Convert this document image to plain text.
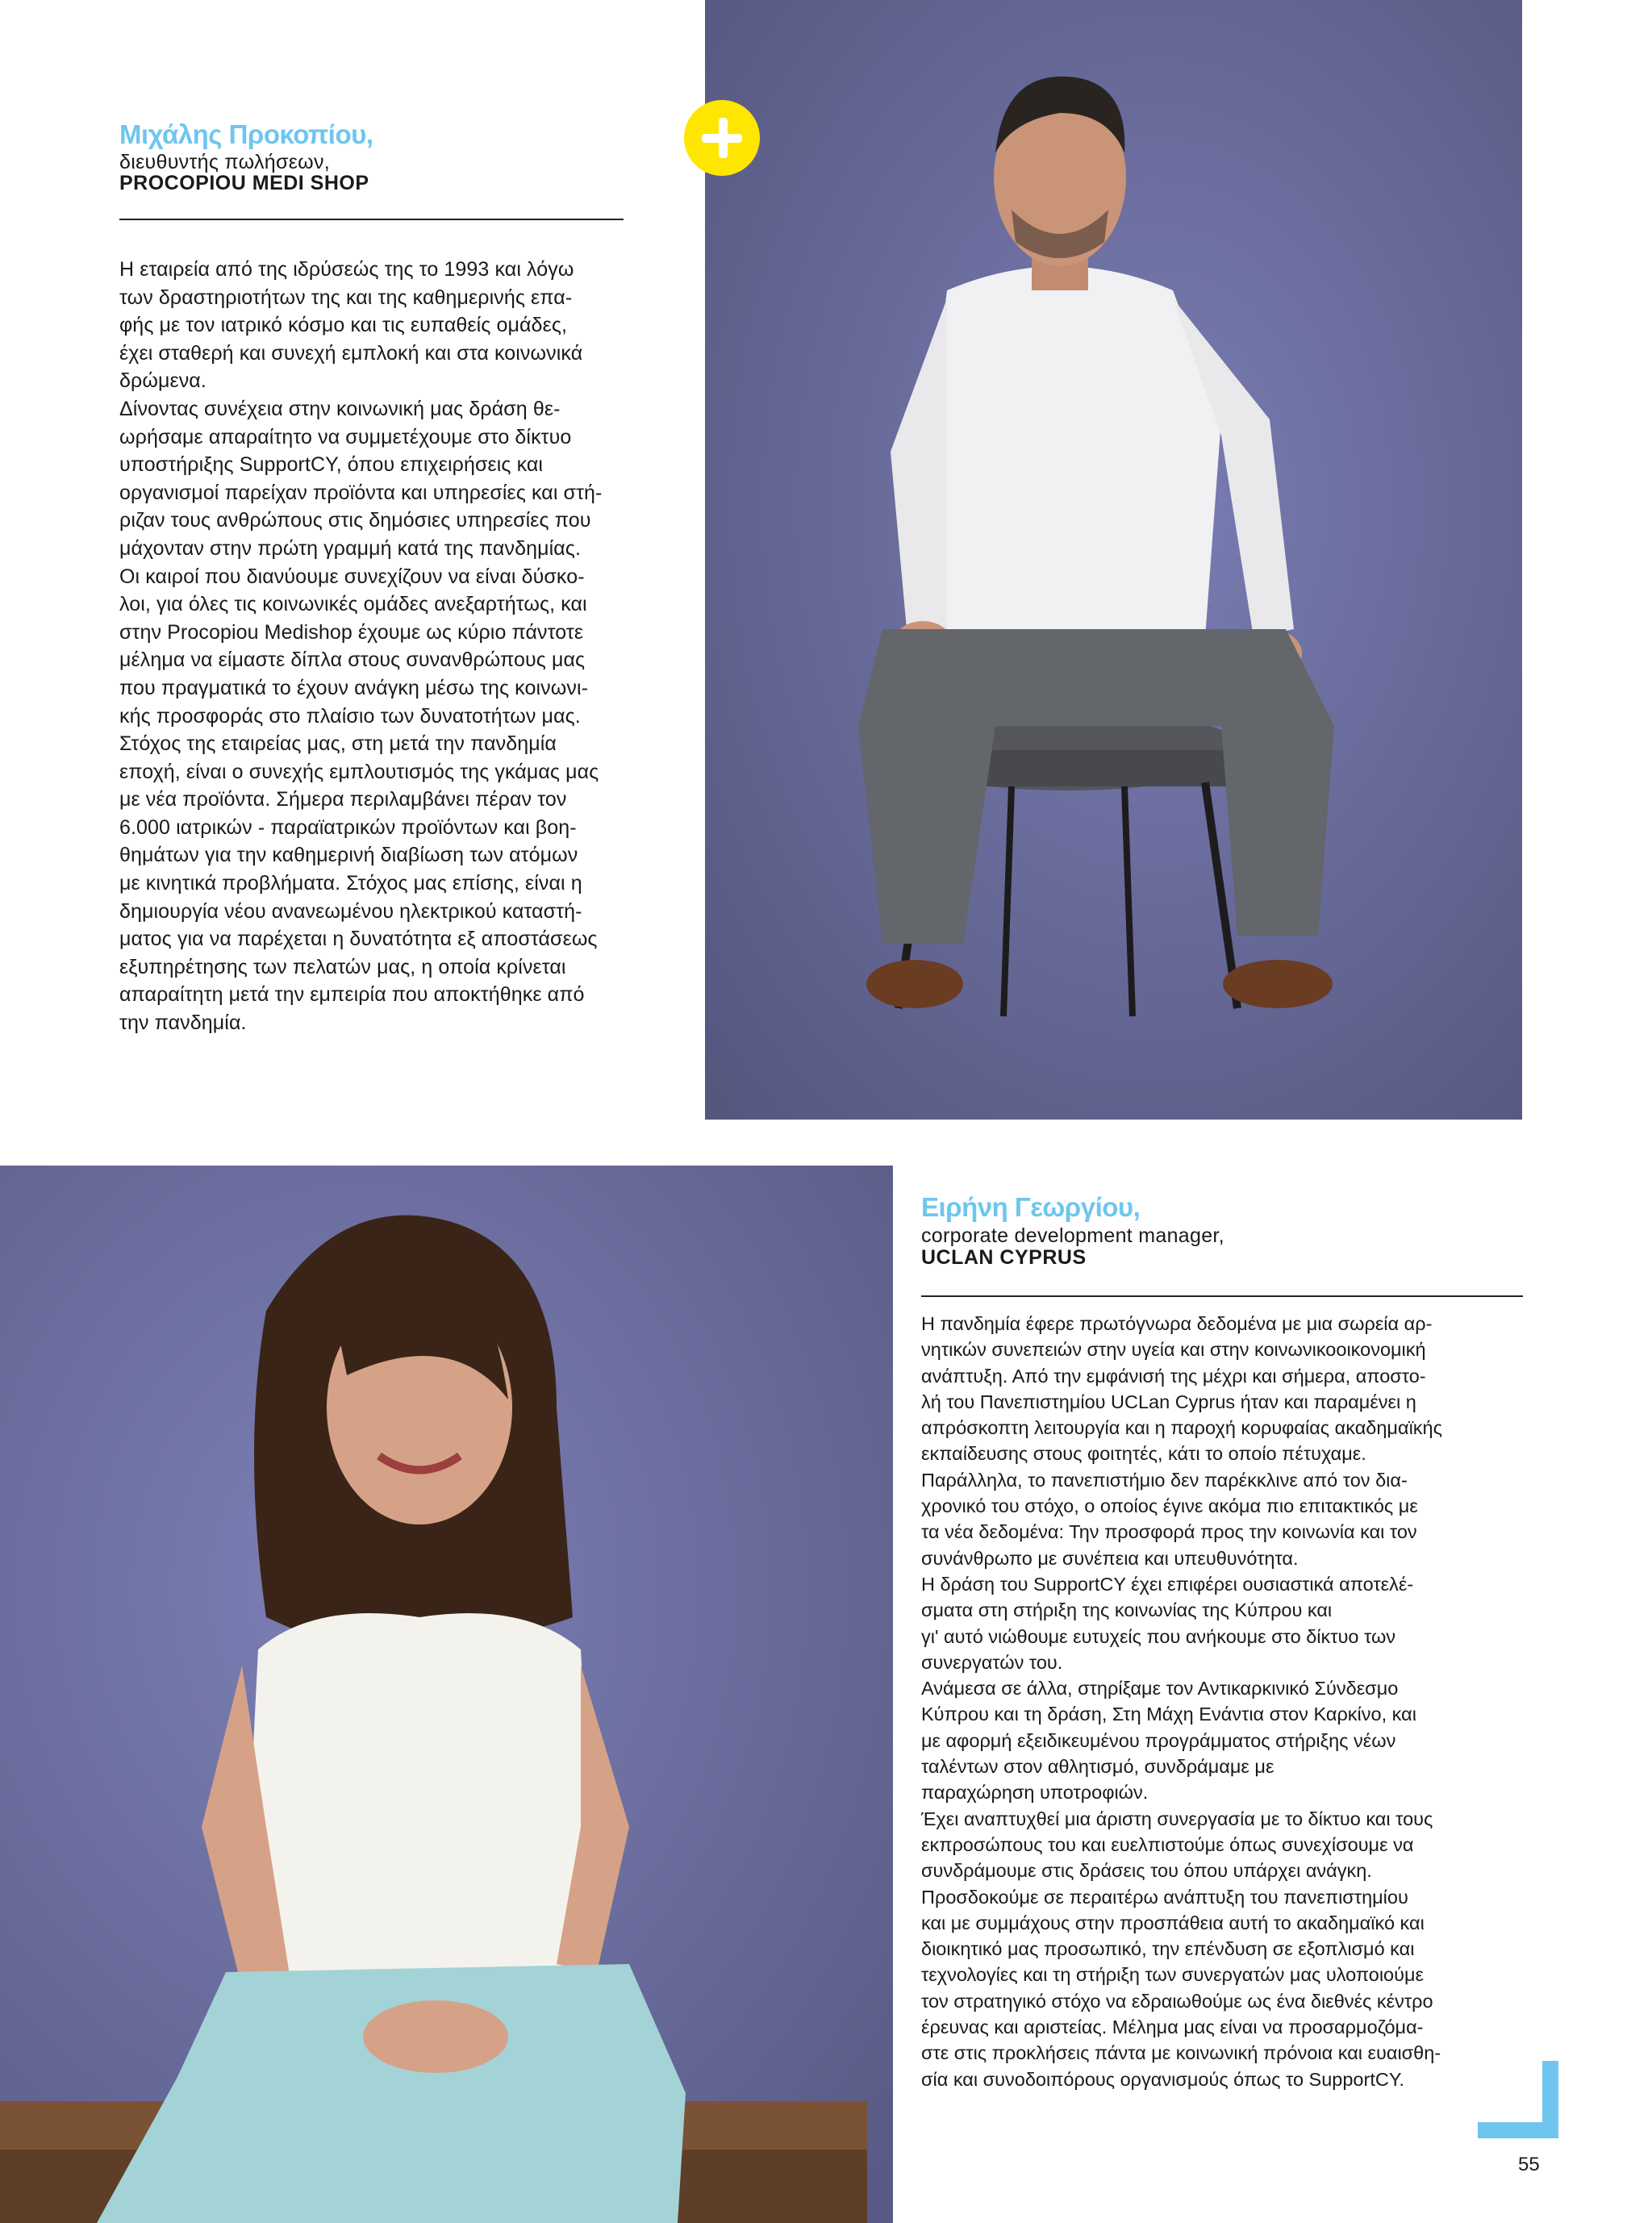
Μιχάλης Προκοπίου,

διευθυντής πωλήσεων,

PROCOPIOU MEDI SHOP

Η εταιρεία από της ιδρύσεώς της το 1993 και λόγω
των δραστηριοτήτων της και της καθημερινής επα-
φής με τον ιατρικό κόσμο και τις ευπαθείς ομάδες,
έχει σταθερή και συνεχή εμπλοκή και στα κοινωνικά
δρώμενα.
Δίνοντας συνέχεια στην κοινωνική μας δράση θε-
ωρήσαμε απαραίτητο να συμμετέχουμε στο δίκτυο
υποστήριξης SupportCY, όπου επιχειρήσεις και
οργανισμοί παρείχαν προϊόντα και υπηρεσίες και στή-
ριζαν τους ανθρώπους στις δημόσιες υπηρεσίες που
μάχονταν στην πρώτη γραμμή κατά της πανδημίας.
Οι καιροί που διανύουμε συνεχίζουν να είναι δύσκο-
λοι, για όλες τις κοινωνικές ομάδες ανεξαρτήτως, και
στην Procopiou Medishop έχουμε ως κύριο πάντοτε
μέλημα να είμαστε δίπλα στους συνανθρώπους μας
που πραγματικά το έχουν ανάγκη μέσω της κοινωνι-
κής προσφοράς στο πλαίσιο των δυνατοτήτων μας.
Στόχος της εταιρείας μας, στη μετά την πανδημία
εποχή, είναι ο συνεχής εμπλουτισμός της γκάμας μας
με νέα προϊόντα. Σήμερα περιλαμβάνει πέραν τον
6.000 ιατρικών - παραϊατρικών προϊόντων και βοη-
θημάτων για την καθημερινή διαβίωση των ατόμων
με κινητικά προβλήματα. Στόχος μας επίσης, είναι η
δημιουργία νέου ανανεωμένου ηλεκτρικού καταστή-
ματος για να παρέχεται η δυνατότητα εξ αποστάσεως
εξυπηρέτησης των πελατών μας, η οποία κρίνεται
απαραίτητη μετά την εμπειρία που αποκτήθηκε από
την πανδημία.

Ειρήνη Γεωργίου,

corporate development manager,

UCLAN CYPRUS

Η πανδημία έφερε πρωτόγνωρα δεδομένα με μια σωρεία αρ-
νητικών συνεπειών στην υγεία και στην κοινωνικοοικονομική
ανάπτυξη. Από την εμφάνισή της μέχρι και σήμερα, αποστο-
λή του Πανεπιστημίου UCLan Cyprus ήταν και παραμένει η
απρόσκοπτη λειτουργία και η παροχή κορυφαίας ακαδημαϊκής
εκπαίδευσης στους φοιτητές, κάτι το οποίο πέτυχαμε.
Παράλληλα, το πανεπιστήμιο δεν παρέκκλινε από τον δια-
χρονικό του στόχο, ο οποίος έγινε ακόμα πιο επιτακτικός με
τα νέα δεδομένα: Την προσφορά προς την κοινωνία και τον
συνάνθρωπο με συνέπεια και υπευθυνότητα.
Η δράση του SupportCY έχει επιφέρει ουσιαστικά αποτελέ-
σματα στη στήριξη της κοινωνίας της Κύπρου και
γι' αυτό νιώθουμε ευτυχείς που ανήκουμε στο δίκτυο των
συνεργατών του.
Ανάμεσα σε άλλα, στηρίξαμε τον Αντικαρκινικό Σύνδεσμο
Κύπρου και τη δράση, Στη Μάχη Ενάντια στον Καρκίνο, και
με αφορμή εξειδικευμένου προγράμματος στήριξης νέων
ταλέντων στον αθλητισμό, συνδράμαμε με
παραχώρηση υποτροφιών.
Έχει αναπτυχθεί μια άριστη συνεργασία με το δίκτυο και τους
εκπροσώπους του και ευελπιστούμε όπως συνεχίσουμε να
συνδράμουμε στις δράσεις του όπου υπάρχει ανάγκη.
Προσδοκούμε σε περαιτέρω ανάπτυξη του πανεπιστημίου
και με συμμάχους στην προσπάθεια αυτή το ακαδημαϊκό και
διοικητικό μας προσωπικό, την επένδυση σε εξοπλισμό και
τεχνολογίες και τη στήριξη των συνεργατών μας υλοποιούμε
τον στρατηγικό στόχο να εδραιωθούμε ως ένα διεθνές κέντρο
έρευνας και αριστείας. Μέλημα μας είναι να προσαρμοζόμα-
στε στις προκλήσεις πάντα με κοινωνική πρόνοια και ευαισθη-
σία και συνοδοιπόρους οργανισμούς όπως το SupportCY.

55
